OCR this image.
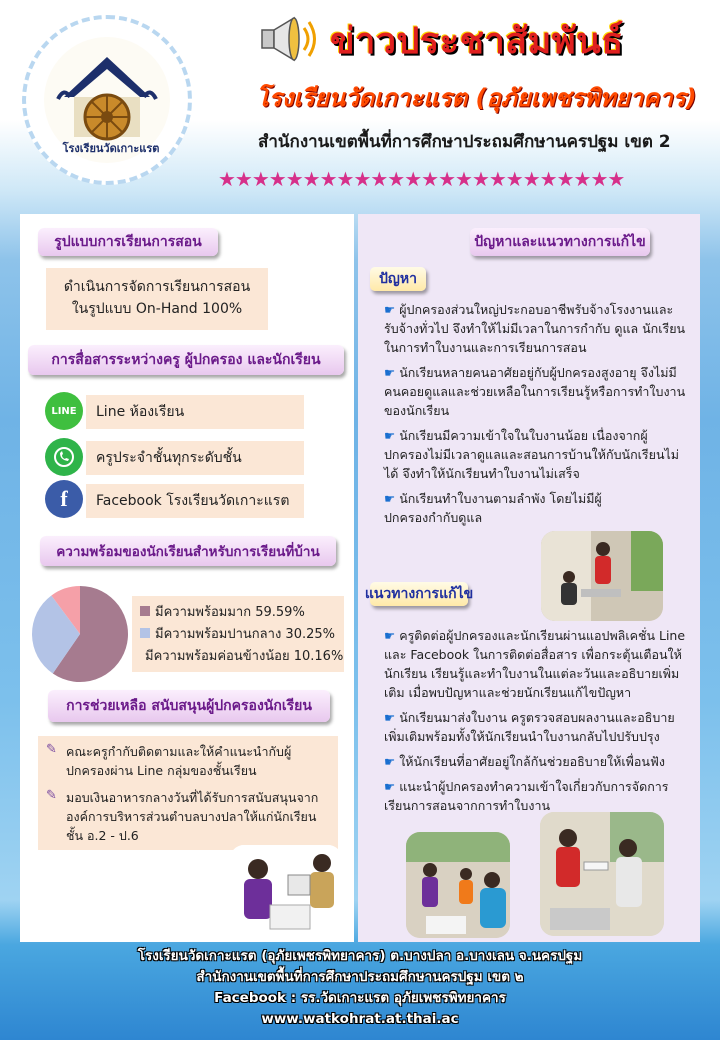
โรงเรียนวัดเกาะแรต
ข่าวประชาสัมพันธ์
โรงเรียนวัดเกาะแรต (อุภัยเพชรพิทยาคาร)
สำนักงานเขตพื้นที่การศึกษาประถมศึกษานครปฐม เขต 2
★★★★★★★★★★★★★★★★★★★★★★★★
รูปแบบการเรียนการสอน
ดำเนินการจัดการเรียนการสอน
ในรูปแบบ On-Hand 100%
การสื่อสารระหว่างครู ผู้ปกครอง และนักเรียน
LINE Line ห้องเรียน
ครูประจำชั้นทุกระดับชั้น
f Facebook โรงเรียนวัดเกาะแรต
ความพร้อมของนักเรียนสำหรับการเรียนที่บ้าน
มีความพร้อมมาก 59.59%
มีความพร้อมปานกลาง 30.25%
มีความพร้อมค่อนข้างน้อย 10.16%
การช่วยเหลือ สนับสนุนผู้ปกครองนักเรียน
✎ คณะครูกำกับติดตามและให้คำแนะนำกับผู้ปกครองผ่าน Line กลุ่มของชั้นเรียน
✎ มอบเงินอาหารกลางวันที่ได้รับการสนับสนุนจากองค์การบริหารส่วนตำบลบางปลาให้แก่นักเรียน ชั้น อ.2 - ป.6
ปัญหาและแนวทางการแก้ไข
ปัญหา

☛ ผู้ปกครองส่วนใหญ่ประกอบอาชีพรับจ้างโรงงานและรับจ้างทั่วไป จึงทำให้ไม่มีเวลาในการกำกับ ดูแล นักเรียนในการทำใบงานและการเรียนการสอน

☛ นักเรียนหลายคนอาศัยอยู่กับผู้ปกครองสูงอายุ จึงไม่มีคนคอยดูแลและช่วยเหลือในการเรียนรู้หรือการทำใบงานของนักเรียน

☛ นักเรียนมีความเข้าใจในใบงานน้อย เนื่องจากผู้ปกครองไม่มีเวลาดูแลและสอนการบ้านให้กับนักเรียนไม่ได้ จึงทำให้นักเรียนทำใบงานไม่เสร็จ

☛ นักเรียนทำใบงานตามลำพัง โดยไม่มีผู้ปกครองกำกับดูแล

แนวทางการแก้ไข

☛ ครูติดต่อผู้ปกครองและนักเรียนผ่านแอปพลิเคชั่น Line และ Facebook ในการติดต่อสื่อสาร เพื่อกระตุ้นเตือนให้นักเรียน เรียนรู้และทำใบงานในแต่ละวันและอธิบายเพิ่มเติม เมื่อพบปัญหาและช่วยนักเรียนแก้ไขปัญหา

☛ นักเรียนมาส่งใบงาน ครูตรวจสอบผลงานและอธิบายเพิ่มเติมพร้อมทั้งให้นักเรียนนำใบงานกลับไปปรับปรุง

☛ ให้นักเรียนที่อาศัยอยู่ใกล้กันช่วยอธิบายให้เพื่อนฟัง

☛ แนะนำผู้ปกครองทำความเข้าใจเกี่ยวกับการจัดการเรียนการสอนจากการทำใบงาน

โรงเรียนวัดเกาะแรต (อุภัยเพชรพิทยาคาร) ต.บางปลา อ.บางเลน จ.นครปฐม
สำนักงานเขตพื้นที่การศึกษาประถมศึกษานครปฐม เขต ๒
Facebook : รร.วัดเกาะแรต อุภัยเพชรพิทยาคาร
www.watkohrat.at.thai.ac
